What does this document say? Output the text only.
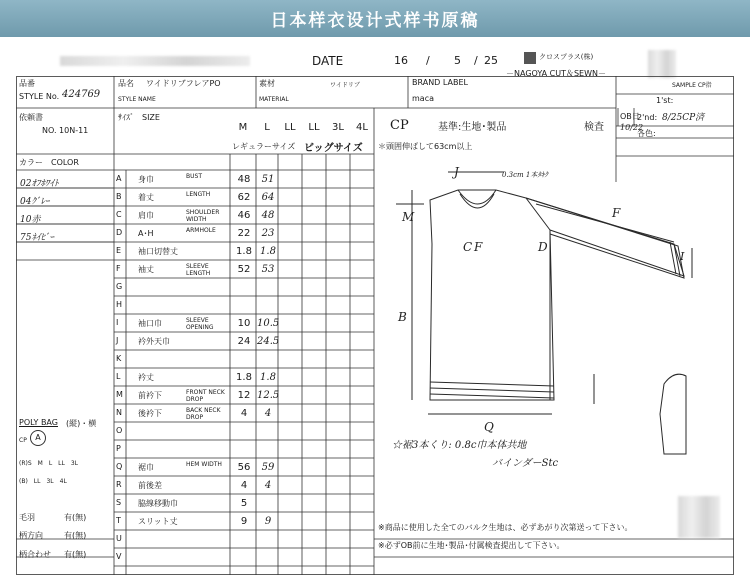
日本样衣设计式样书原稿
DATE	16 / 5 / 25	クロスプラス(株)
－NAGOYA CUT＆SEWN－
品番
STYLE No. 424769
品名 ワイドリブフレアPO
STYLE NAME
素材	ワイドリブ
MATERIAL
BRAND LABEL
maca
SAMPLE CP指
1'st:
依頼書
NO. 10N-11
ｻｲｽﾞ　SIZE
M	L	LL	LL	3L	4L	CP	基準:生地･製品	検査
OB日
10/22
2'nd: 8/25CP済
各色:
レギュラーサイズ ビッグサイズ ＊頭囲伸ばして63cm以上
カラー　COLOR
02ｵﾌﾎﾜｲﾄ
04ｸﾞﾚｰ
10赤
75ﾈｲﾋﾞｰ
A 身巾	BUST	48	51
B 着丈	LENGTH	62	64
C 肩巾	SHOULDER WIDTH	46	48
D A･H	ARMHOLE	22	23
E 袖口切替丈	1.8 1.8
F 袖丈	SLEEVE LENGTH	52	53
G
H
I 袖口巾	SLEEVE OPENING	10 10.5
J 衿外天巾	24 24.5
K
L 衿丈	1.8 1.8
M 前衿下	FRONT NECK DROP	12 12.5
N 後衿下	BACK NECK DROP	4	4
O
P
Q 裾巾	HEM WIDTH	56	59
R 前後差	4	4
S 脇線移動巾	5
T スリット丈	9	9
U
V
POLY BAG (縦)・横
CP	A
(R)S　M　L　LL　3L
(B)　LL　3L　4L
毛羽	有(無)
柄方向	有(無)
柄合わせ 有(無)
J
M
C F
F
D
B
Q
I
0.3cm 1本ﾀｷｸ
☆裾3本くり: 0.8c巾本体共地
バインダーStc
※商品に使用した全てのバルク生地は、必ずあがり次第送って下さい。
※必ずOB前に生地･製品･付属検査提出して下さい。
